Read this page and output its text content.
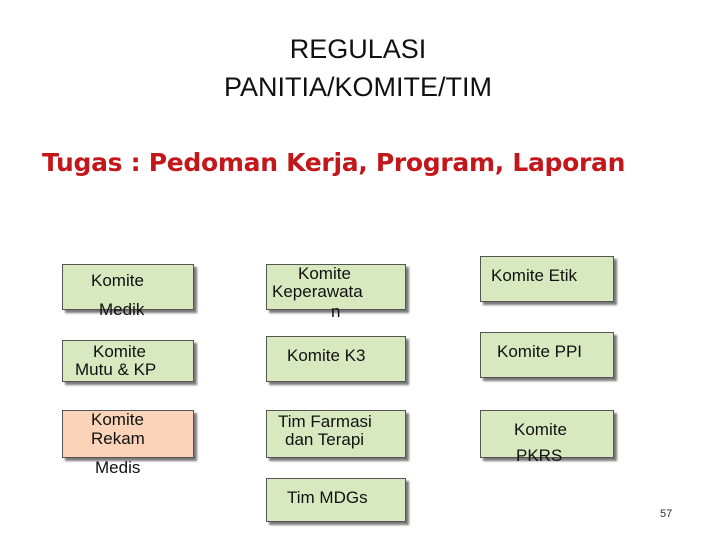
REGULASI
PANITIA/KOMITE/TIM
Tugas : Pedoman Kerja, Program, Laporan
Komite
Medik
Komite
Mutu & KP
Komite
Rekam
Medis
Komite
Keperawata
n
Komite K3
Tim Farmasi
dan Terapi
Tim MDGs
Komite Etik
Komite PPI
Komite
PKRS
57
